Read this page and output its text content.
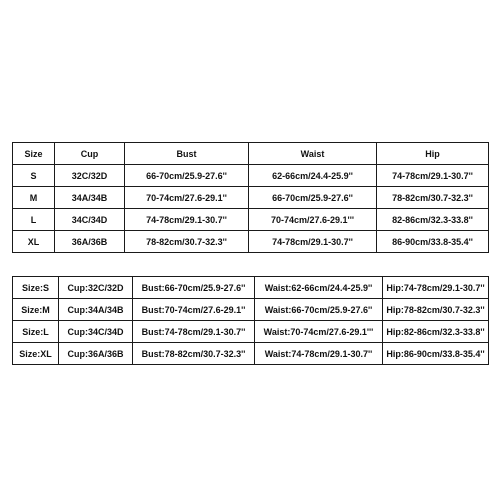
Size	Cup	Bust	Waist	Hip
S	32C/32D	66-70cm/25.9-27.6''	62-66cm/24.4-25.9''	74-78cm/29.1-30.7''
M	34A/34B	70-74cm/27.6-29.1''	66-70cm/25.9-27.6''	78-82cm/30.7-32.3''
L	34C/34D	74-78cm/29.1-30.7''	70-74cm/27.6-29.1'''	82-86cm/32.3-33.8''
XL	36A/36B	78-82cm/30.7-32.3''	74-78cm/29.1-30.7''	86-90cm/33.8-35.4''
Size:S	Cup:32C/32D	Bust:66-70cm/25.9-27.6''	Waist:62-66cm/24.4-25.9''	Hip:74-78cm/29.1-30.7''
Size:M	Cup:34A/34B	Bust:70-74cm/27.6-29.1''	Waist:66-70cm/25.9-27.6''	Hip:78-82cm/30.7-32.3''
Size:L	Cup:34C/34D	Bust:74-78cm/29.1-30.7''	Waist:70-74cm/27.6-29.1'''	Hip:82-86cm/32.3-33.8''
Size:XL	Cup:36A/36B	Bust:78-82cm/30.7-32.3''	Waist:74-78cm/29.1-30.7''	Hip:86-90cm/33.8-35.4''
